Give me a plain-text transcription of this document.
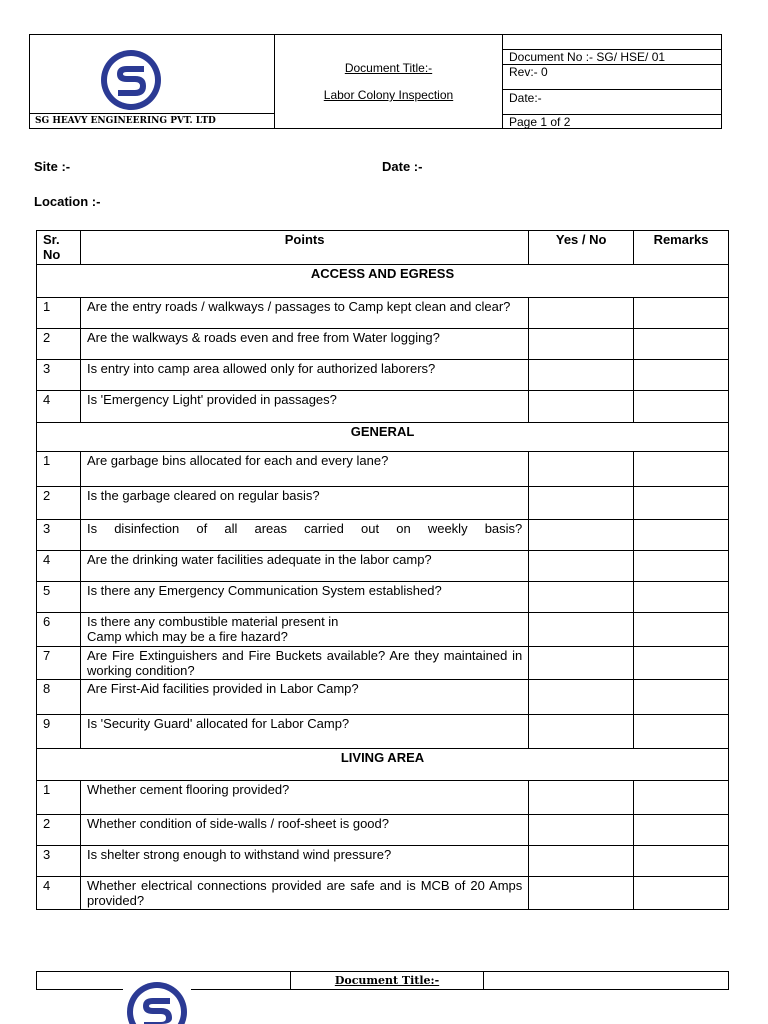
SG HEAVY ENGINEERING PVT. LTD
Document Title:-
Labor Colony Inspection
Document No :- SG/ HSE/ 01
Rev:- 0
Date:-
Page 1 of 2
Site :-	Date :-
Location :-
Sr. No	Points	Yes / No	Remarks
ACCESS AND EGRESS			
1	Are the entry roads / walkways / passages to Camp kept clean and clear?		
2	Are the walkways & roads even and free from Water logging?		
3	Is entry into camp area allowed only for authorized laborers?		
4	Is 'Emergency Light' provided in passages?		
GENERAL			
1	Are garbage bins allocated for each and every lane?		
2	Is the garbage cleared on regular basis?		
3	Is disinfection of all areas carried out on weekly basis?		
4	Are the drinking water facilities adequate in the labor camp?		
5	Is there any Emergency Communication System established?		
6	Is there any combustible material present in Camp which may be a fire hazard?		
7	Are Fire Extinguishers and Fire Buckets available? Are they maintained in working condition?		
8	Are First-Aid facilities provided in Labor Camp?		
9	Is 'Security Guard' allocated for Labor Camp?		
LIVING AREA			
1	Whether cement flooring provided?		
2	Whether condition of side-walls / roof-sheet is good?		
3	Is shelter strong enough to withstand wind pressure?		
4	Whether electrical connections provided are safe and is MCB of 20 Amps provided?		
Document Title:-
